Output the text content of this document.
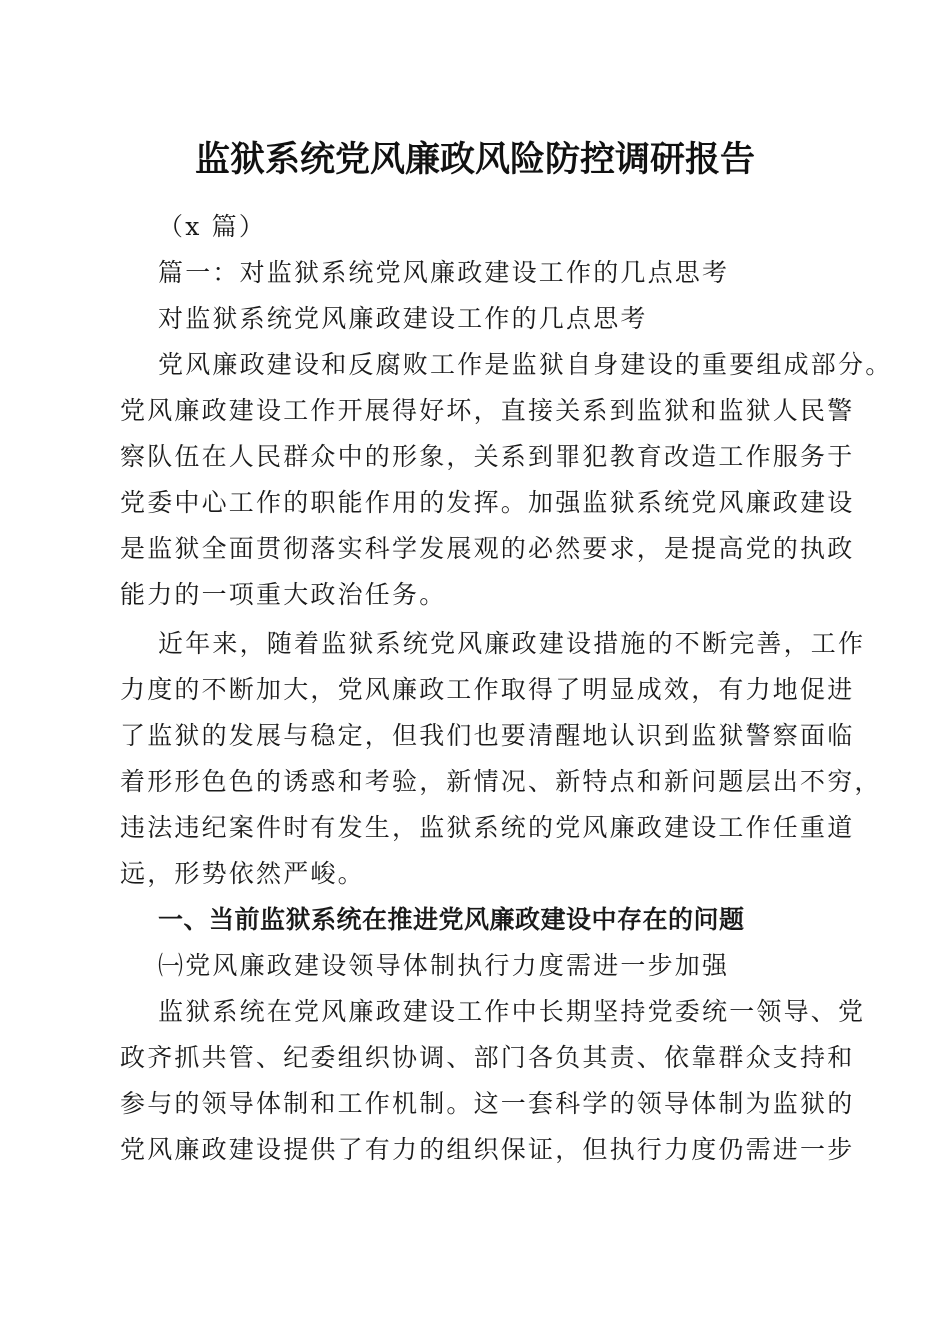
监狱系统党风廉政风险防控调研报告
（x 篇）
篇一：对监狱系统党风廉政建设工作的几点思考
对监狱系统党风廉政建设工作的几点思考
党风廉政建设和反腐败工作是监狱自身建设的重要组成部分。
党风廉政建设工作开展得好坏，直接关系到监狱和监狱人民警
察队伍在人民群众中的形象，关系到罪犯教育改造工作服务于
党委中心工作的职能作用的发挥。加强监狱系统党风廉政建设
是监狱全面贯彻落实科学发展观的必然要求，是提高党的执政
能力的一项重大政治任务。
近年来，随着监狱系统党风廉政建设措施的不断完善，工作
力度的不断加大，党风廉政工作取得了明显成效，有力地促进
了监狱的发展与稳定，但我们也要清醒地认识到监狱警察面临
着形形色色的诱惑和考验，新情况、新特点和新问题层出不穷，
违法违纪案件时有发生，监狱系统的党风廉政建设工作任重道
远，形势依然严峻。
一、当前监狱系统在推进党风廉政建设中存在的问题
㈠党风廉政建设领导体制执行力度需进一步加强
监狱系统在党风廉政建设工作中长期坚持党委统一领导、党
政齐抓共管、纪委组织协调、部门各负其责、依靠群众支持和
参与的领导体制和工作机制。这一套科学的领导体制为监狱的
党风廉政建设提供了有力的组织保证，但执行力度仍需进一步
